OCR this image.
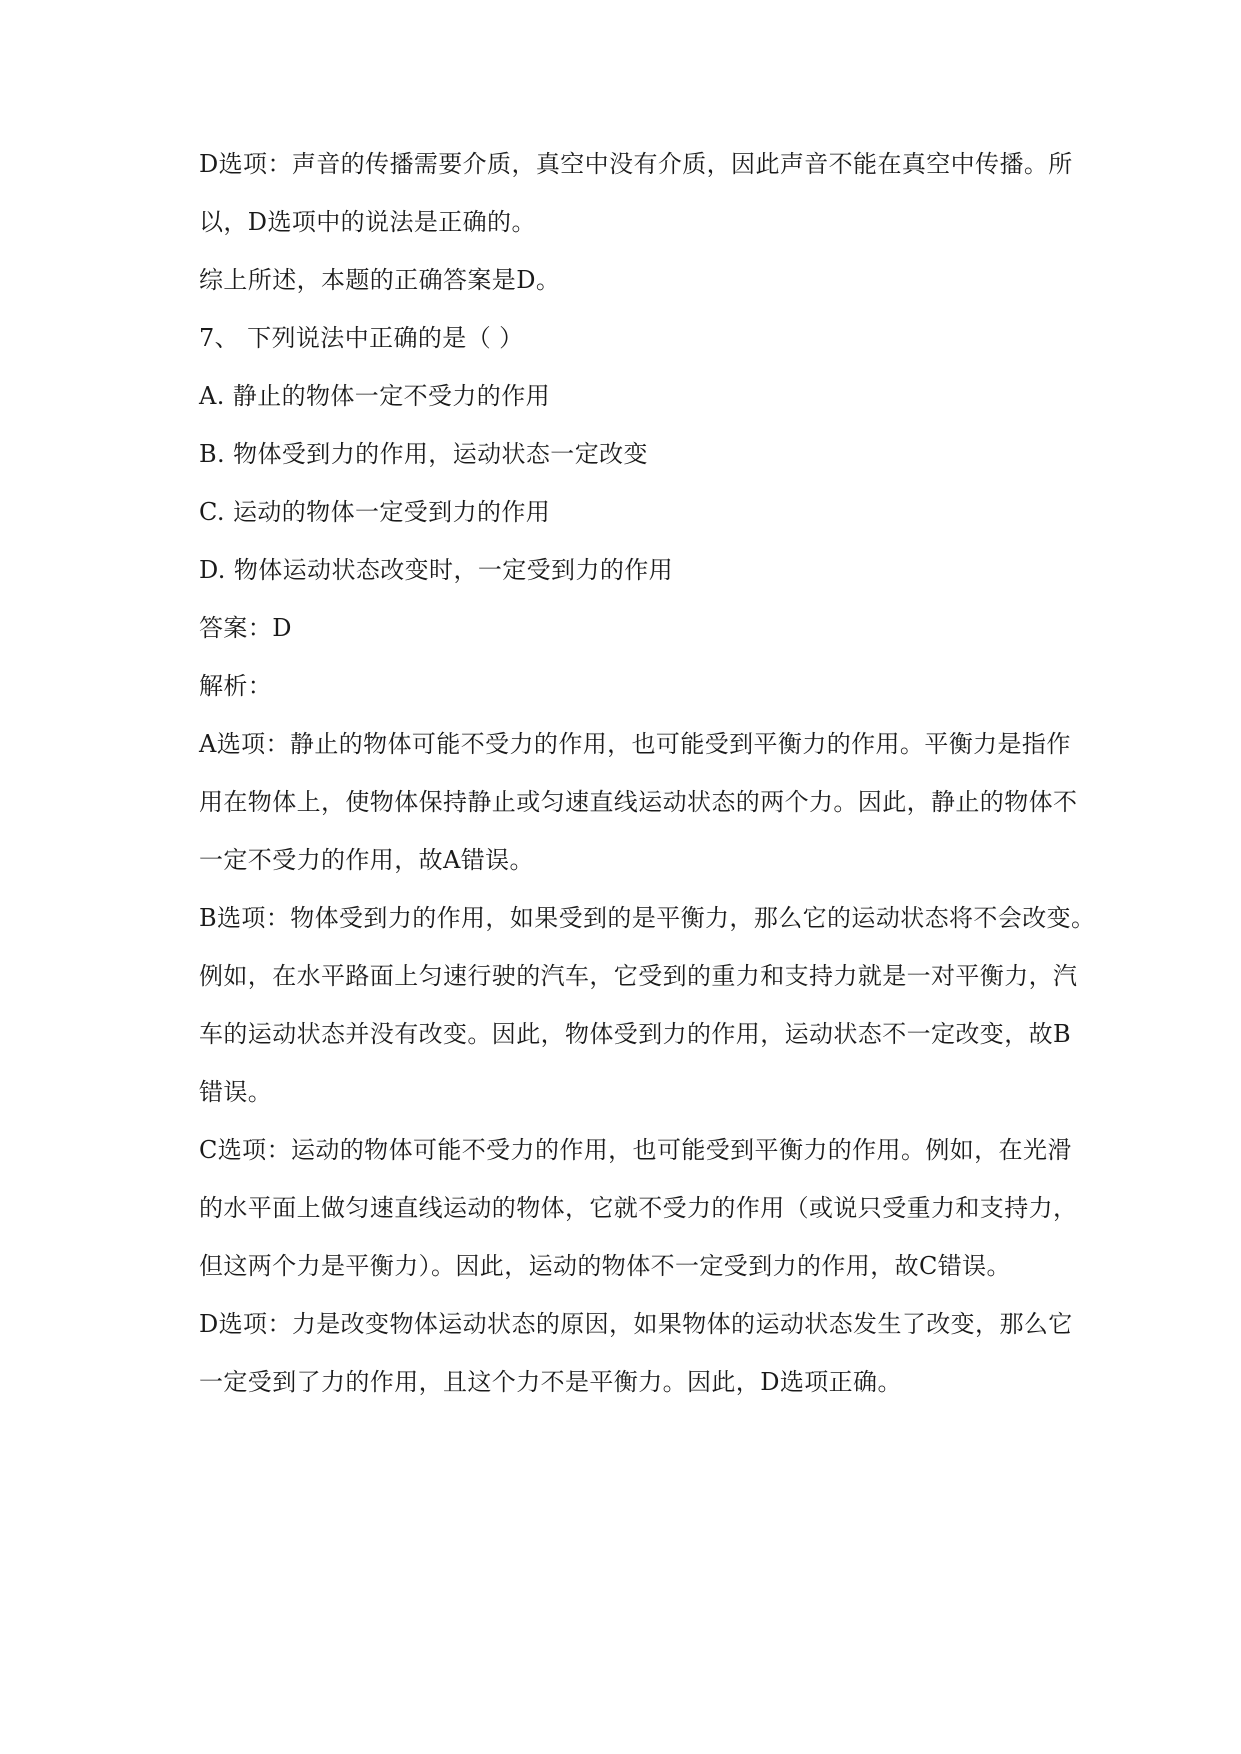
D选项：声音的传播需要介质，真空中没有介质，因此声音不能在真空中传播。所
以，D选项中的说法是正确的。
综上所述，本题的正确答案是D。
7、 下列说法中正确的是（ ）
A. 静止的物体一定不受力的作用
B. 物体受到力的作用，运动状态一定改变
C. 运动的物体一定受到力的作用
D. 物体运动状态改变时，一定受到力的作用
答案：D
解析：
A选项：静止的物体可能不受力的作用，也可能受到平衡力的作用。平衡力是指作
用在物体上，使物体保持静止或匀速直线运动状态的两个力。因此，静止的物体不
一定不受力的作用，故A错误。
B选项：物体受到力的作用，如果受到的是平衡力，那么它的运动状态将不会改变。
例如，在水平路面上匀速行驶的汽车，它受到的重力和支持力就是一对平衡力，汽
车的运动状态并没有改变。因此，物体受到力的作用，运动状态不一定改变，故B
错误。
C选项：运动的物体可能不受力的作用，也可能受到平衡力的作用。例如，在光滑
的水平面上做匀速直线运动的物体，它就不受力的作用（或说只受重力和支持力，
但这两个力是平衡力）。因此，运动的物体不一定受到力的作用，故C错误。
D选项：力是改变物体运动状态的原因，如果物体的运动状态发生了改变，那么它
一定受到了力的作用，且这个力不是平衡力。因此，D选项正确。
